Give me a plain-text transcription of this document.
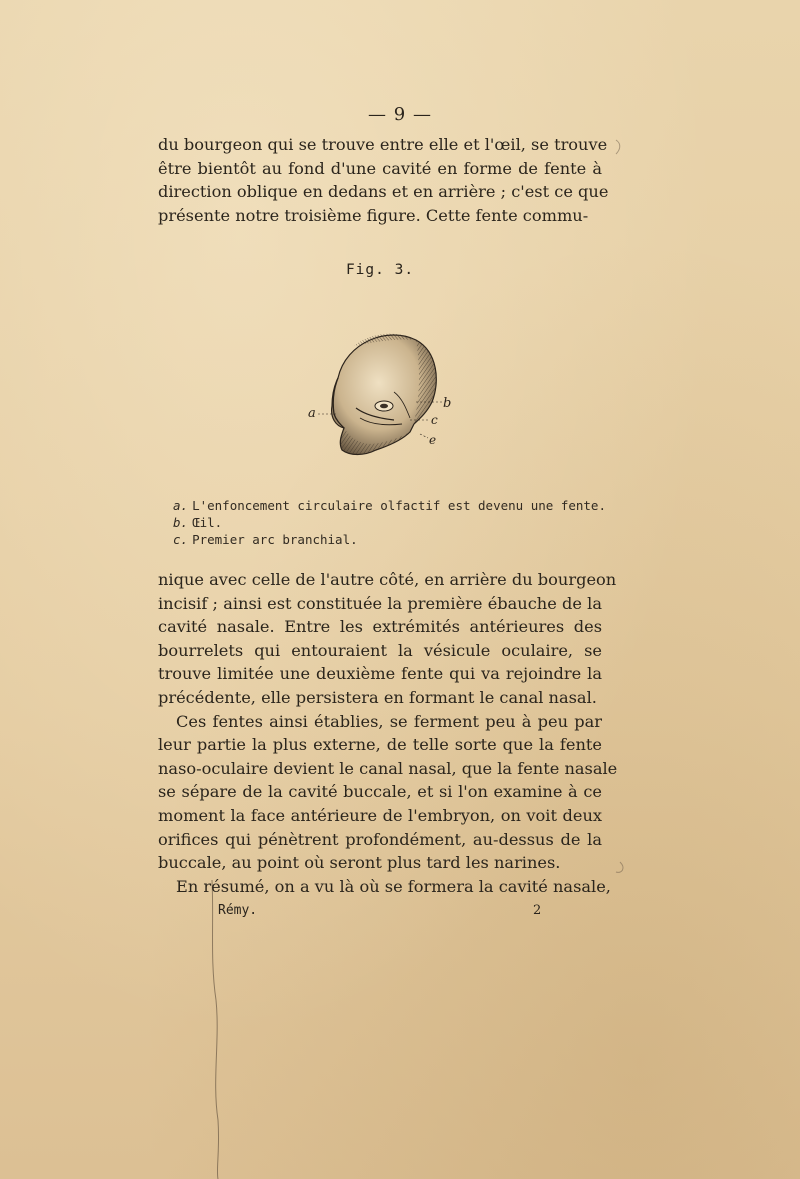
— 9 —
du bourgeon qui se trouve entre elle et l'œil, se trouve
être bientôt au fond d'une cavité en forme de fente à
direction oblique en dedans et en arrière ; c'est ce que
présente notre troisième figure. Cette fente commu-
Fig. 3.
a
b
c
e
a. L'enfoncement circulaire olfactif est devenu une fente.
b. Œil.
c. Premier arc branchial.
nique avec celle de l'autre côté, en arrière du bourgeon
incisif ; ainsi est constituée la première ébauche de la
cavité nasale. Entre les extrémités antérieures des
bourrelets qui entouraient la vésicule oculaire, se
trouve limitée une deuxième fente qui va rejoindre la
précédente, elle persistera en formant le canal nasal.
Ces fentes ainsi établies, se ferment peu à peu par
leur partie la plus externe, de telle sorte que la fente
naso-oculaire devient le canal nasal, que la fente nasale
se sépare de la cavité buccale, et si l'on examine à ce
moment la face antérieure de l'embryon, on voit deux
orifices qui pénètrent profondément, au-dessus de la
buccale, au point où seront plus tard les narines.
En résumé, on a vu là où se formera la cavité nasale,
Rémy.	2
